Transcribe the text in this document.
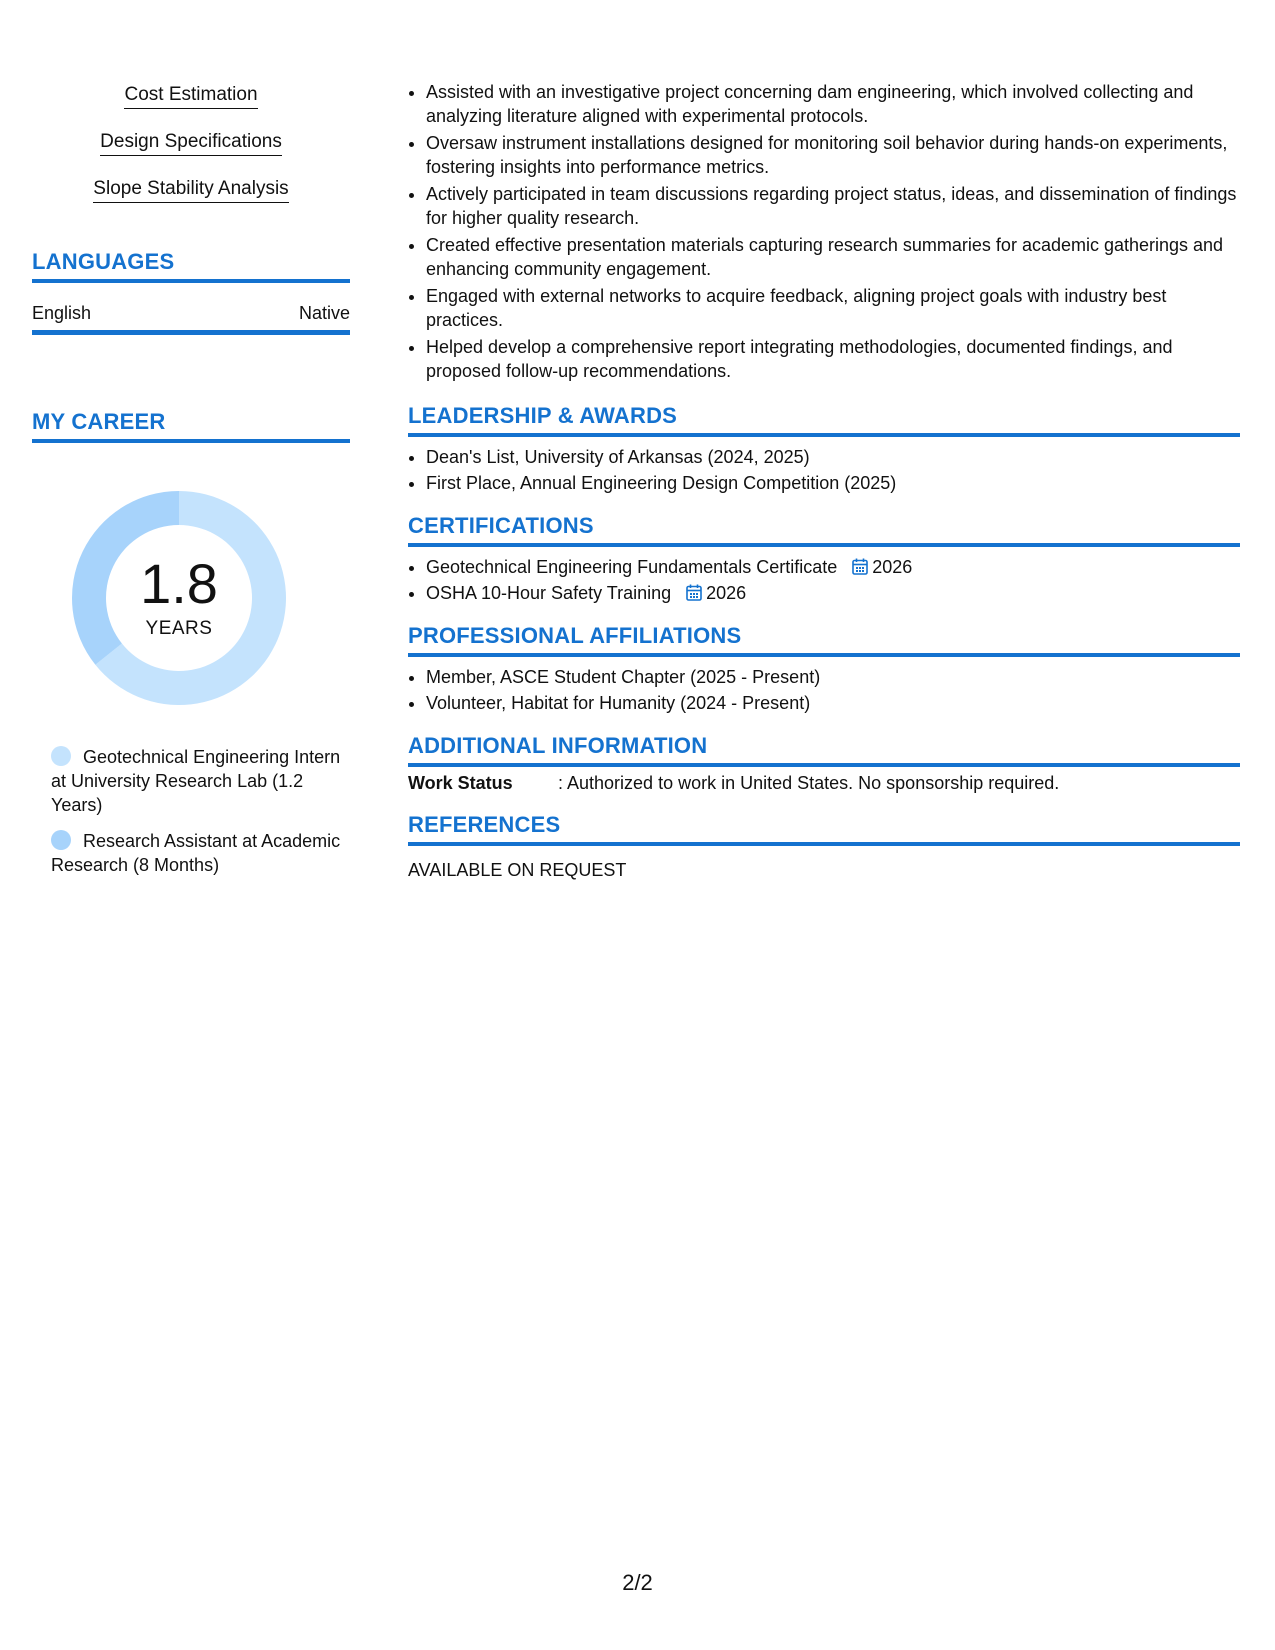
Cost Estimation

Design Specifications

Slope Stability Analysis

LANGUAGES
English	Native
MY CAREER
1.8
YEARS
Geotechnical Engineering Intern at University Research Lab (1.2 Years)
Research Assistant at Academic Research (8 Months)
• Assisted with an investigative project concerning dam engineering, which involved collecting and analyzing literature aligned with experimental protocols.
• Oversaw instrument installations designed for monitoring soil behavior during hands-on experiments, fostering insights into performance metrics.
• Actively participated in team discussions regarding project status, ideas, and dissemination of findings for higher quality research.
• Created effective presentation materials capturing research summaries for academic gatherings and enhancing community engagement.
• Engaged with external networks to acquire feedback, aligning project goals with industry best practices.
• Helped develop a comprehensive report integrating methodologies, documented findings, and proposed follow-up recommendations.
LEADERSHIP & AWARDS
• Dean's List, University of Arkansas (2024, 2025)
• First Place, Annual Engineering Design Competition (2025)
CERTIFICATIONS
• Geotechnical Engineering Fundamentals Certificate 2026
• OSHA 10-Hour Safety Training 2026
PROFESSIONAL AFFILIATIONS
• Member, ASCE Student Chapter (2025 - Present)
• Volunteer, Habitat for Humanity (2024 - Present)
ADDITIONAL INFORMATION
Work Status	: Authorized to work in United States. No sponsorship required.
REFERENCES
AVAILABLE ON REQUEST
2/2
